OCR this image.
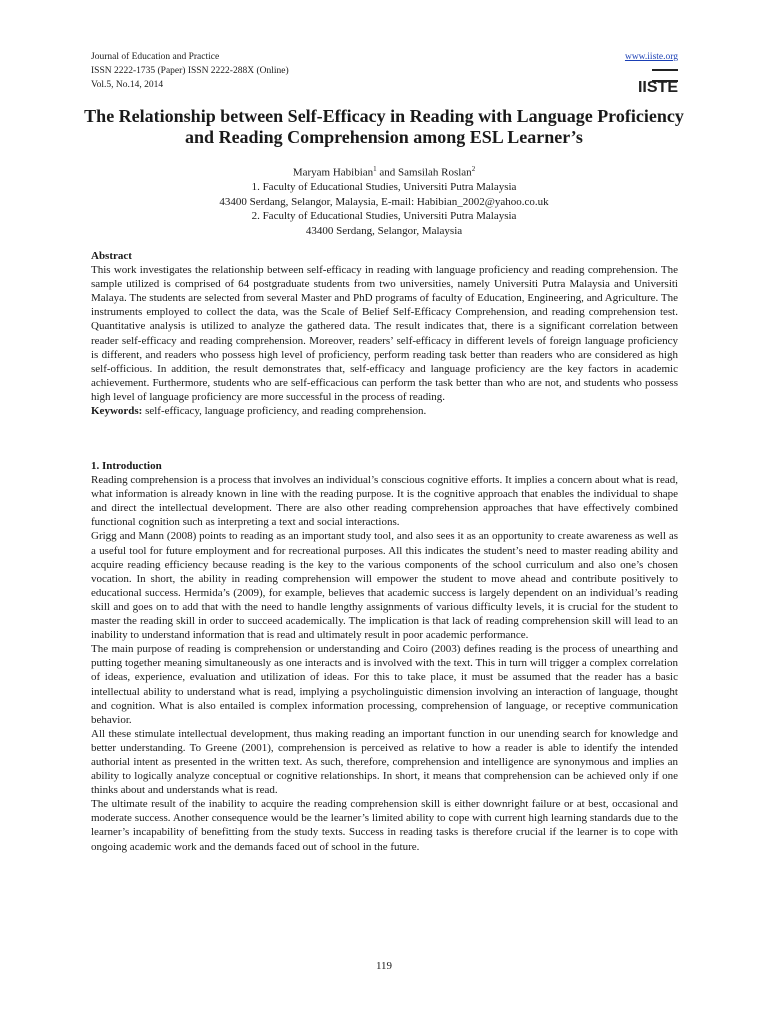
Journal of Education and Practice
ISSN 2222-1735 (Paper) ISSN 2222-288X (Online)
Vol.5, No.14, 2014
www.iiste.org
IISTE
The Relationship between Self-Efficacy in Reading with Language Proficiency and Reading Comprehension among ESL Learner’s
Maryam Habibian$^1$ and Samsilah Roslan$^2$
1. Faculty of Educational Studies, Universiti Putra Malaysia
43400 Serdang, Selangor, Malaysia, E-mail: Habibian_2002@yahoo.co.uk
2. Faculty of Educational Studies, Universiti Putra Malaysia
43400 Serdang, Selangor, Malaysia

Abstract

This work investigates the relationship between self-efficacy in reading with language proficiency and reading comprehension. The sample utilized is comprised of 64 postgraduate students from two universities, namely Universiti Putra Malaysia and Universiti Malaya. The students are selected from several Master and PhD programs of faculty of Education, Engineering, and Agriculture. The instruments employed to collect the data, was the Scale of Belief Self-Efficacy Comprehension, and reading comprehension test. Quantitative analysis is utilized to analyze the gathered data. The result indicates that, there is a significant correlation between reader self-efficacy and reading comprehension. Moreover, readers’ self-efficacy in different levels of foreign language proficiency is different, and readers who possess high level of proficiency, perform reading task better than readers who are considered as high self-officious. In addition, the result demonstrates that, self-efficacy and language proficiency are the key factors in academic achievement. Furthermore, students who are self-efficacious can perform the task better than who are not, and students who possess high level of language proficiency are more successful in the process of reading.

Keywords: self-efficacy, language proficiency, and reading comprehension.

1. Introduction

Reading comprehension is a process that involves an individual’s conscious cognitive efforts. It implies a concern about what is read, what information is already known in line with the reading purpose. It is the cognitive approach that enables the individual to shape and direct the intellectual development. There are also other reading comprehension approaches that have effectively combined functional cognition such as interpreting a text and social interactions.

Grigg and Mann (2008) points to reading as an important study tool, and also sees it as an opportunity to create awareness as well as a useful tool for future employment and for recreational purposes. All this indicates the student’s need to master reading ability and acquire reading efficiency because reading is the key to the various components of the school curriculum and also one’s chosen vocation. In short, the ability in reading comprehension will empower the student to move ahead and contribute positively to educational success. Hermida’s (2009), for example, believes that academic success is largely dependent on an individual’s reading skill and goes on to add that with the need to handle lengthy assignments of various difficulty levels, it is crucial for the student to master the reading skill in order to succeed academically. The implication is that lack of reading comprehension skill will lead to an inability to understand information that is read and ultimately result in poor academic performance.

The main purpose of reading is comprehension or understanding and Coiro (2003) defines reading is the process of unearthing and putting together meaning simultaneously as one interacts and is involved with the text. This in turn will trigger a complex correlation of ideas, experience, evaluation and utilization of ideas. For this to take place, it must be assumed that the reader has a basic intellectual ability to understand what is read, implying a psycholinguistic dimension involving an interaction of language, thought and cognition. What is also entailed is complex information processing, comprehension of language, or receptive communication behavior.

All these stimulate intellectual development, thus making reading an important function in our unending search for knowledge and better understanding. To Greene (2001), comprehension is perceived as relative to how a reader is able to identify the intended authorial intent as presented in the written text. As such, therefore, comprehension and intelligence are synonymous and implies an ability to logically analyze conceptual or cognitive relationships. In short, it means that comprehension can be achieved only if one thinks about and understands what is read.

The ultimate result of the inability to acquire the reading comprehension skill is either downright failure or at best, occasional and moderate success. Another consequence would be the learner’s limited ability to cope with current high learning standards due to the learner’s incapability of benefitting from the study texts. Success in reading tasks is therefore crucial if the learner is to cope with ongoing academic work and the demands faced out of school in the future.

119
